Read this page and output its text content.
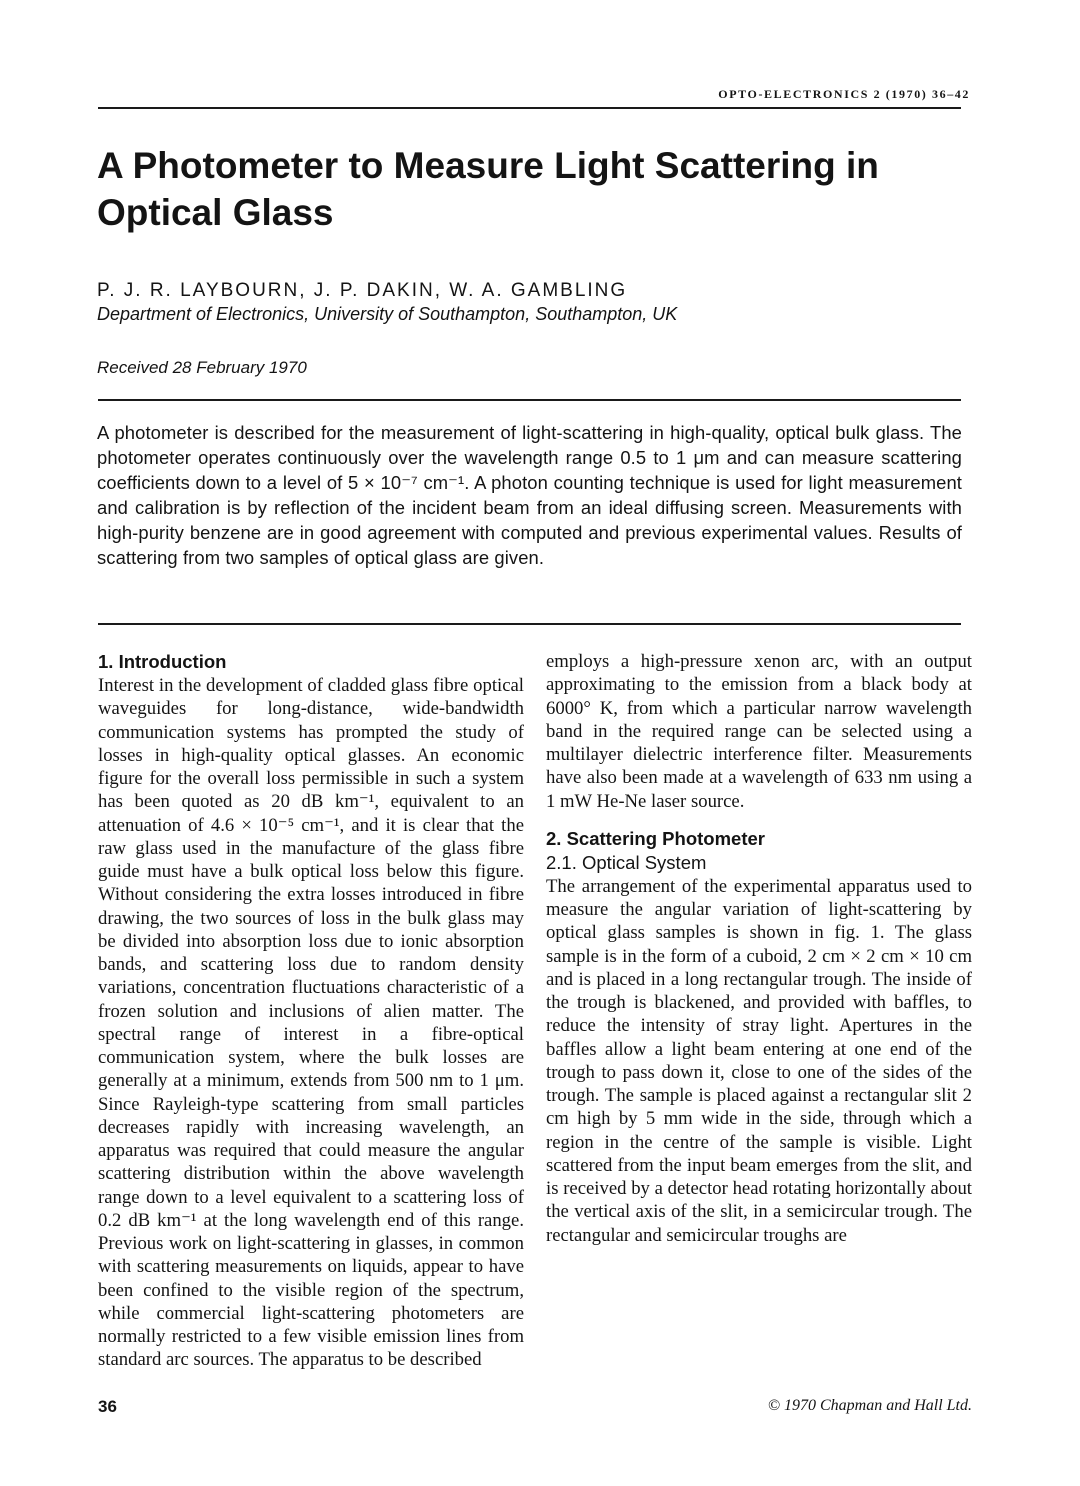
OPTO-ELECTRONICS 2 (1970) 36–42
A Photometer to Measure Light Scattering in Optical Glass
P. J. R. LAYBOURN, J. P. DAKIN, W. A. GAMBLING
Department of Electronics, University of Southampton, Southampton, UK
Received 28 February 1970
A photometer is described for the measurement of light-scattering in high-quality, optical bulk glass. The photometer operates continuously over the wavelength range 0.5 to 1 μm and can measure scattering coefficients down to a level of 5 × 10⁻⁷ cm⁻¹. A photon counting technique is used for light measurement and calibration is by reflection of the incident beam from an ideal diffusing screen. Measurements with high-purity benzene are in good agreement with computed and previous experimental values. Results of scattering from two samples of optical glass are given.
1. Introduction

Interest in the development of cladded glass fibre optical waveguides for long-distance, wide-bandwidth communication systems has prompted the study of losses in high-quality optical glasses. An economic figure for the overall loss permissible in such a system has been quoted as 20 dB km⁻¹, equivalent to an attenuation of 4.6 × 10⁻⁵ cm⁻¹, and it is clear that the raw glass used in the manufacture of the glass fibre guide must have a bulk optical loss below this figure. Without considering the extra losses introduced in fibre drawing, the two sources of loss in the bulk glass may be divided into absorption loss due to ionic absorption bands, and scattering loss due to random density variations, concentration fluctuations characteristic of a frozen solution and inclusions of alien matter. The spectral range of interest in a fibre-optical communication system, where the bulk losses are generally at a minimum, extends from 500 nm to 1 μm. Since Rayleigh-type scattering from small particles decreases rapidly with increasing wavelength, an apparatus was required that could measure the angular scattering distribution within the above wavelength range down to a level equivalent to a scattering loss of 0.2 dB km⁻¹ at the long wavelength end of this range. Previous work on light-scattering in glasses, in common with scattering measurements on liquids, appear to have been confined to the visible region of the spectrum, while commercial light-scattering photometers are normally restricted to a few visible emission lines from standard arc sources. The apparatus to be described

employs a high-pressure xenon arc, with an output approximating to the emission from a black body at 6000° K, from which a particular narrow wavelength band in the required range can be selected using a multilayer dielectric interference filter. Measurements have also been made at a wavelength of 633 nm using a 1 mW He-Ne laser source.

2. Scattering Photometer
2.1. Optical System

The arrangement of the experimental apparatus used to measure the angular variation of light-scattering by optical glass samples is shown in fig. 1. The glass sample is in the form of a cuboid, 2 cm × 2 cm × 10 cm and is placed in a long rectangular trough. The inside of the trough is blackened, and provided with baffles, to reduce the intensity of stray light. Apertures in the baffles allow a light beam entering at one end of the trough to pass down it, close to one of the sides of the trough. The sample is placed against a rectangular slit 2 cm high by 5 mm wide in the side, through which a region in the centre of the sample is visible. Light scattered from the input beam emerges from the slit, and is received by a detector head rotating horizontally about the vertical axis of the slit, in a semicircular trough. The rectangular and semicircular troughs are

36	© 1970 Chapman and Hall Ltd.
